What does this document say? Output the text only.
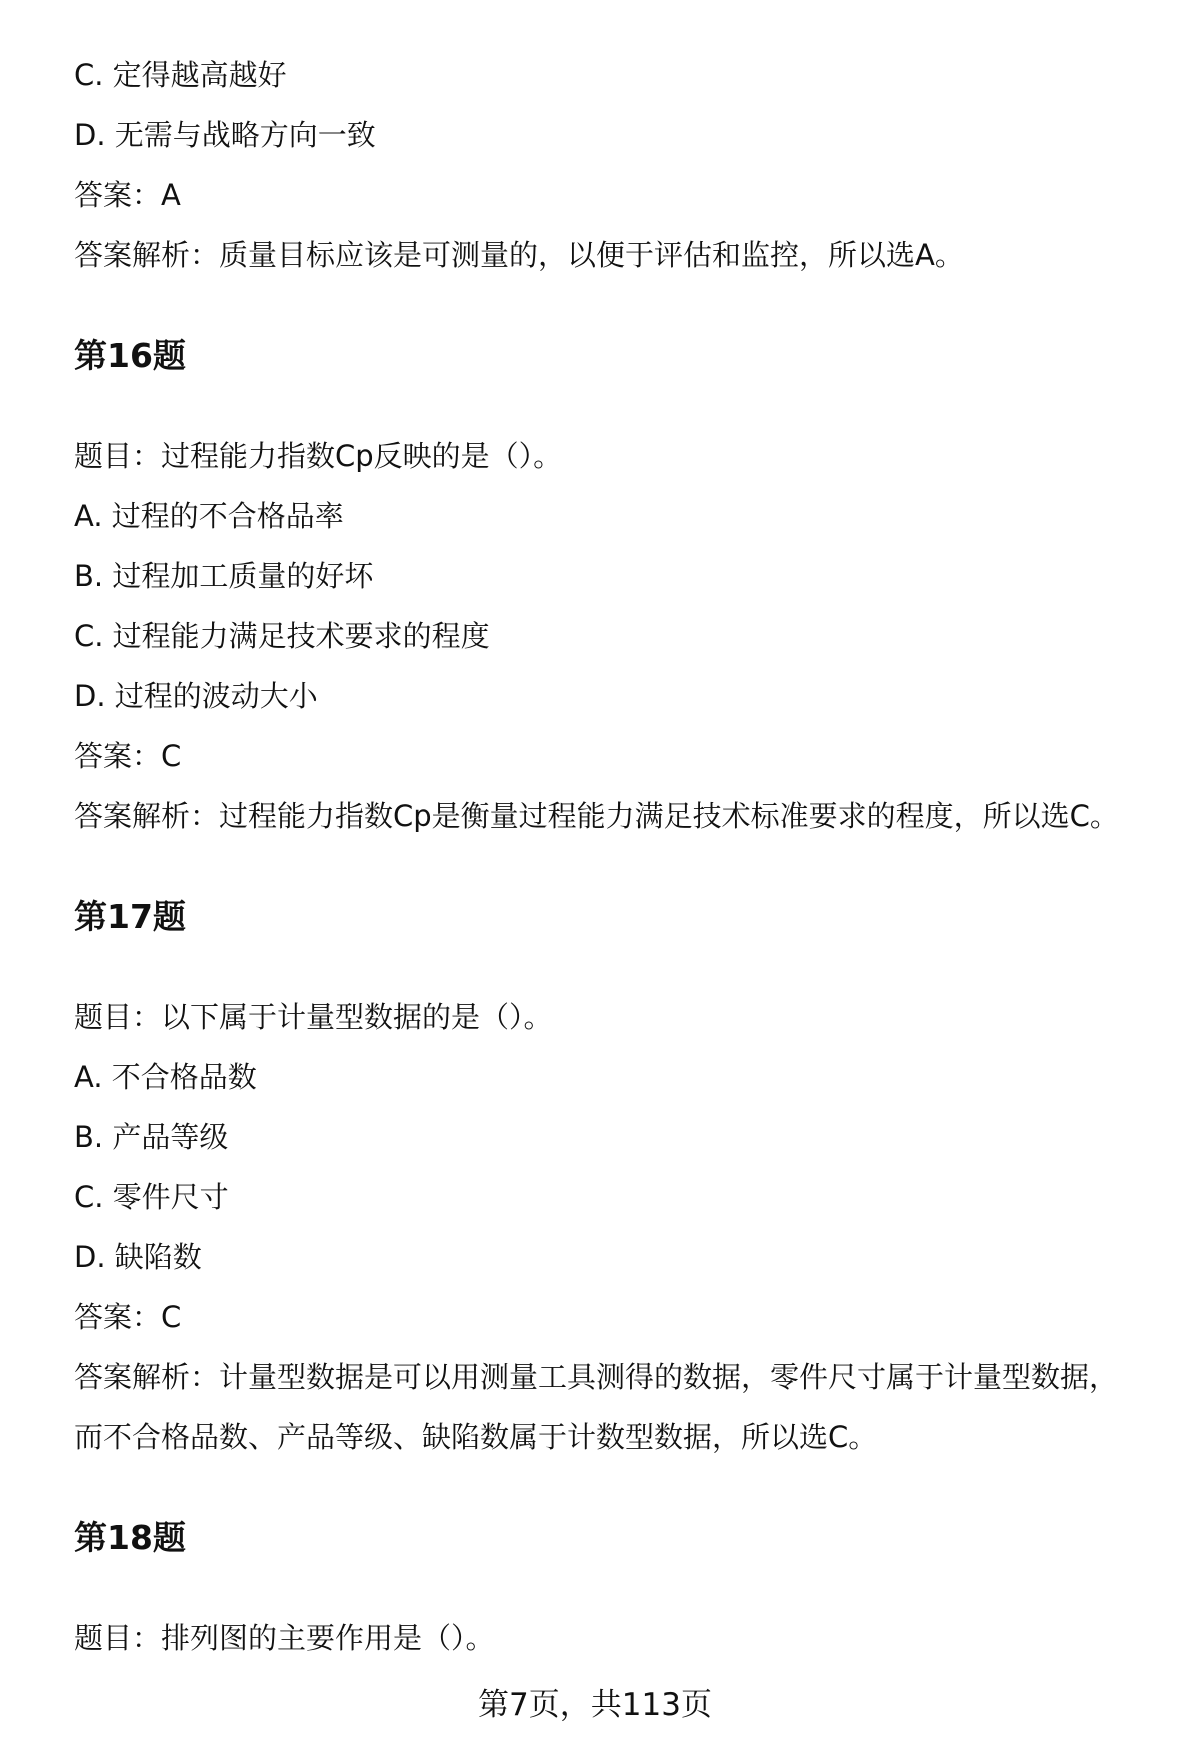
C. 定得越高越好
D. 无需与战略方向一致
答案：A
答案解析：质量目标应该是可测量的，以便于评估和监控，所以选A。
第16题
题目：过程能力指数Cp反映的是（）。
A. 过程的不合格品率
B. 过程加工质量的好坏
C. 过程能力满足技术要求的程度
D. 过程的波动大小
答案：C
答案解析：过程能力指数Cp是衡量过程能力满足技术标准要求的程度，所以选C。
第17题
题目：以下属于计量型数据的是（）。
A. 不合格品数
B. 产品等级
C. 零件尺寸
D. 缺陷数
答案：C
答案解析：计量型数据是可以用测量工具测得的数据，零件尺寸属于计量型数据，
而不合格品数、产品等级、缺陷数属于计数型数据，所以选C。
第18题
题目：排列图的主要作用是（）。
第7页，共113页
